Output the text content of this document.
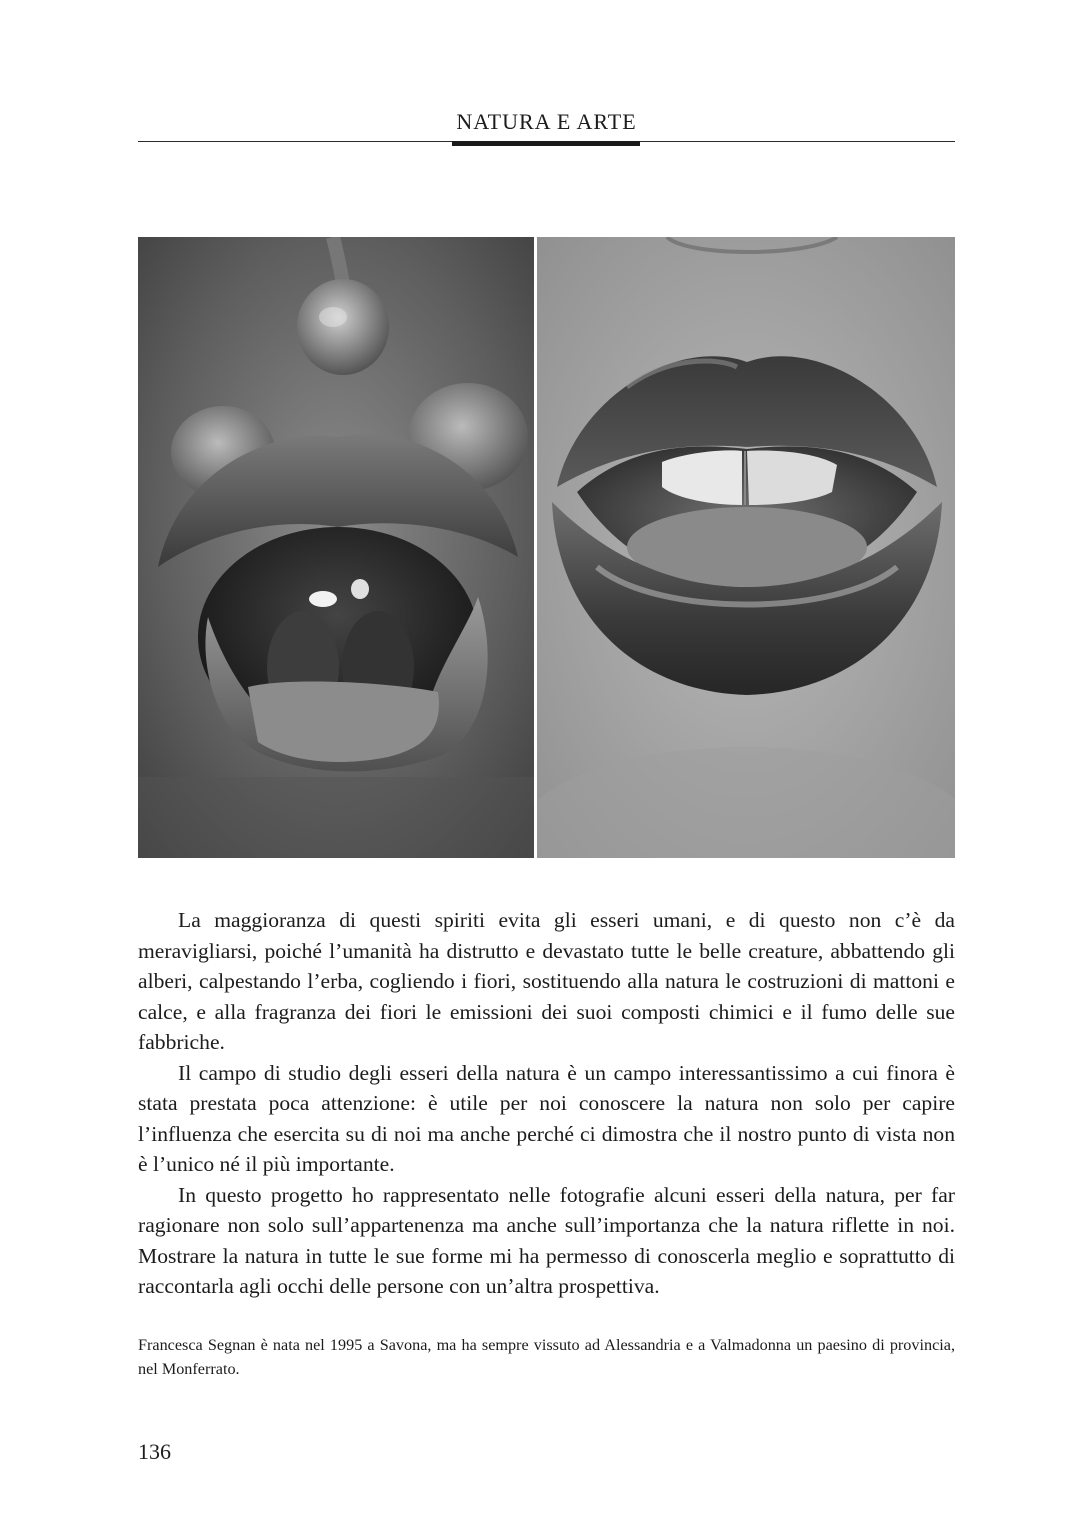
NATURA E ARTE

La maggioranza di questi spiriti evita gli esseri umani, e di questo non c’è da meravigliarsi, poiché l’umanità ha distrutto e devastato tutte le belle creature, abbattendo gli alberi, calpestando l’erba, cogliendo i fiori, sostituendo alla natura le costruzioni di mattoni e calce, e alla fragranza dei fiori le emissioni dei suoi composti chimici e il fumo delle sue fabbriche.

Il campo di studio degli esseri della natura è un campo interessantissimo a cui finora è stata prestata poca attenzione: è utile per noi conoscere la natura non solo per capire l’influenza che esercita su di noi ma anche perché ci dimostra che il nostro punto di vista non è l’unico né il più importante.

In questo progetto ho rappresentato nelle fotografie alcuni esseri della natura, per far ragionare non solo sull’appartenenza ma anche sull’importanza che la natura riflette in noi. Mostrare la natura in tutte le sue forme mi ha permesso di conoscerla meglio e soprattutto di raccontarla agli occhi delle persone con un’altra prospettiva.

Francesca Segnan è nata nel 1995 a Savona, ma ha sempre vissuto ad Alessandria e a Valmadonna un paesino di provincia, nel Monferrato.
136
